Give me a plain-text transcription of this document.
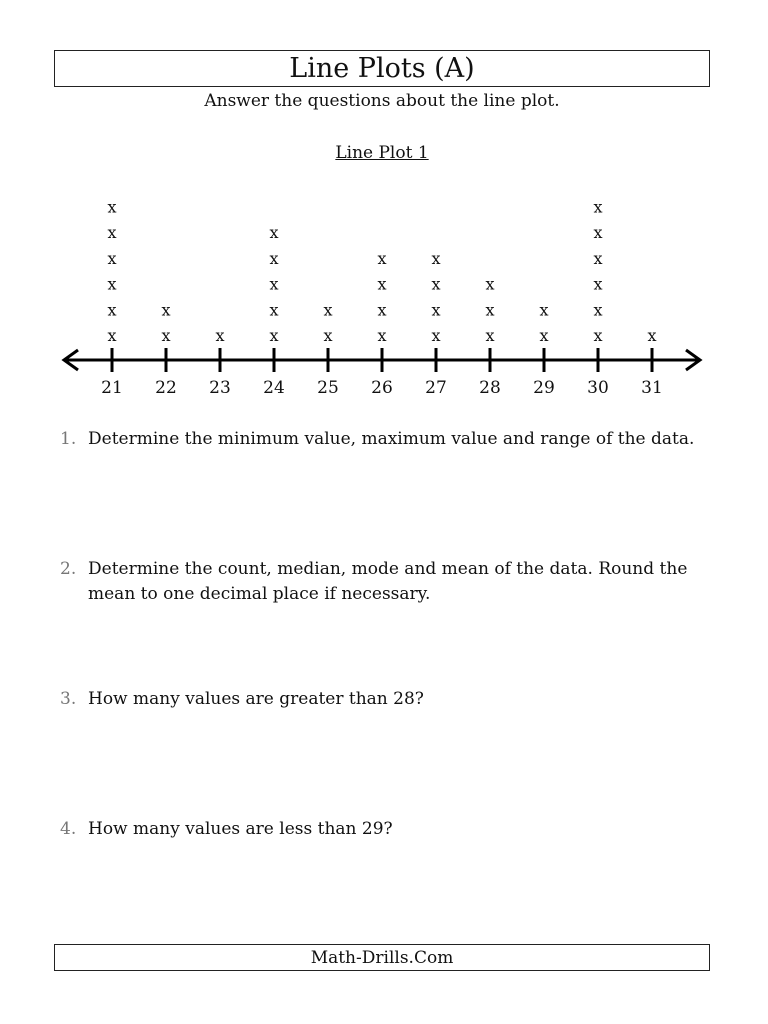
Line Plots (A)
Answer the questions about the line plot.
Line Plot 1
21
x
x
x
x
x
x
22
x
x
23
x
24
x
x
x
x
x
25
x
x
26
x
x
x
x
27
x
x
x
x
28
x
x
x
29
x
x
30
x
x
x
x
x
x
31
x
1. Determine the minimum value, maximum value and range of the data.
2. Determine the count, median, mode and mean of the data. Round the mean to one decimal place if necessary.
3. How many values are greater than 28?
4. How many values are less than 29?
Math-Drills.Com
